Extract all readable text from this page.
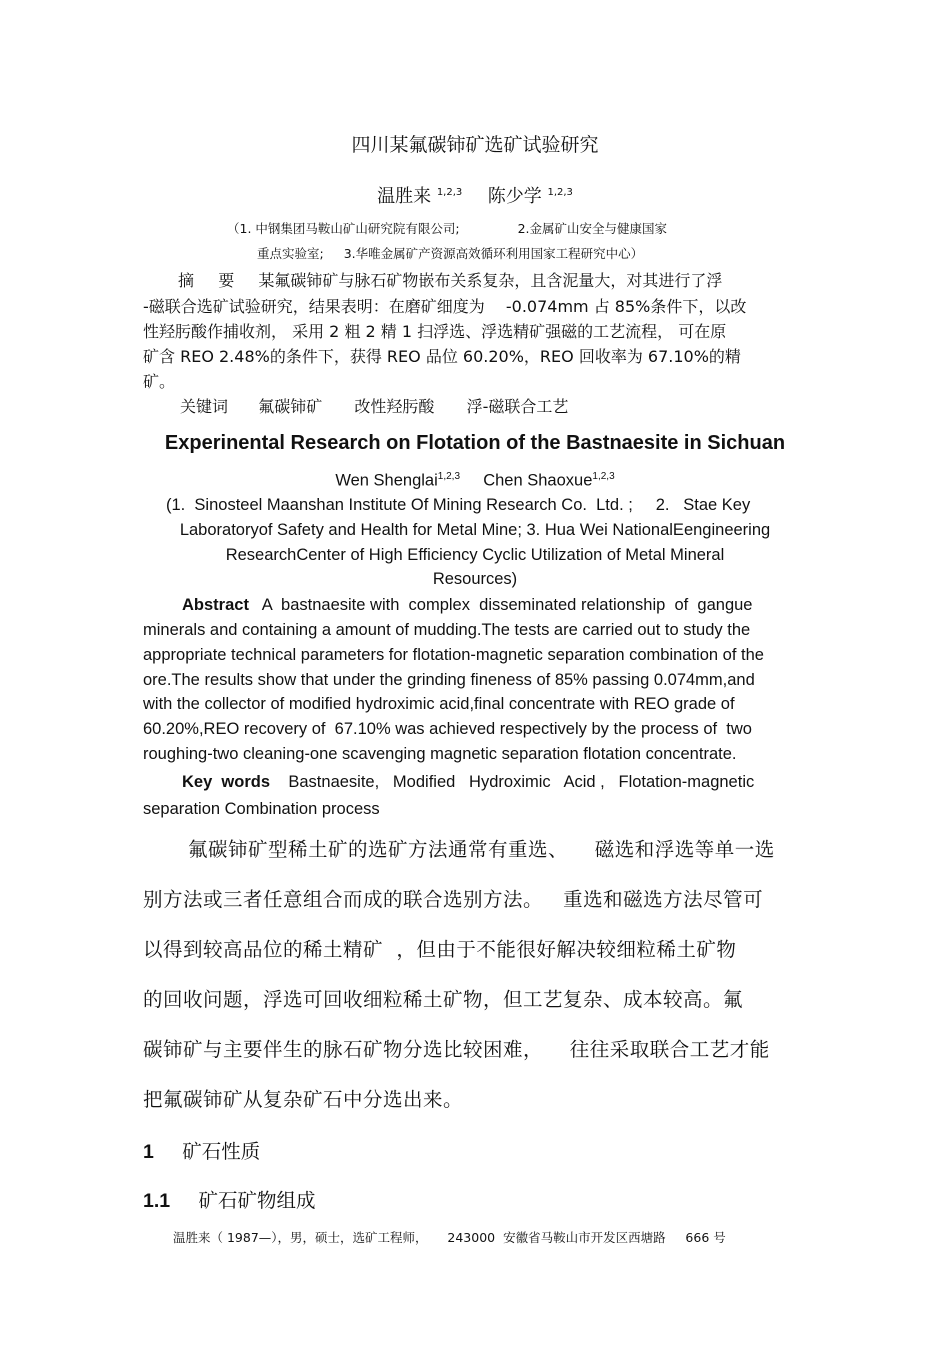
四川某氟碳铈矿选矿试验研究
温胜来 $^{1,2,3}$ 陈少学 $^{1,2,3}$
（1. 中钢集团马鞍山矿山研究院有限公司;	2.金属矿山安全与健康国家
重点实验室; 3.华唯金属矿产资源高效循环利用国家工程研究中心）
摘 要 某氟碳铈矿与脉石矿物嵌布关系复杂，且含泥量大，对其进行了浮
-磁联合选矿试验研究，结果表明：在磨矿细度为　 -0.074mm 占 85%条件下，以改
性羟肟酸作捕收剂， 采用 2 粗 2 精 1 扫浮选、浮选精矿强磁的工艺流程， 可在原
矿含 REO 2.48%的条件下，获得 REO 品位 60.20%，REO 回收率为 67.10%的精
矿。
关键词 氟碳铈矿 改性羟肟酸 浮-磁联合工艺
Experinental Research on Flotation of the Bastnaesite in Sichuan
Wen Shenglai$^{1,2,3}$ Chen Shaoxue$^{1,2,3}$
(1.  Sinosteel Maanshan Institute Of Mining Research Co.  Ltd. ;     2.   Stae Key
Laboratoryof Safety and Health for Metal Mine; 3. Hua Wei NationalEengineering
ResearchCenter of High Efficiency Cyclic Utilization of Metal Mineral
Resources)
Abstract A  bastnaesite with  complex  disseminated relationship  of  gangue
minerals and containing a amount of mudding.The tests are carried out to study the
appropriate technical parameters for flotation-magnetic separation combination of the
ore.The results show that under the grinding fineness of 85% passing 0.074mm,and
with the collector of modified hydroximic acid,final concentrate with REO grade of
60.20%,REO recovery of  67.10% was achieved respectively by the process of  two
roughing-two cleaning-one scavenging magnetic separation flotation concentrate.
Key  words Bastnaesite,   Modified   Hydroximic   Acid ,   Flotation-magnetic
separation Combination process
氟碳铈矿型稀土矿的选矿方法通常有重选、    磁选和浮选等单一选
别方法或三者任意组合而成的联合选别方法。   重选和磁选方法尽管可
以得到较高品位的稀土精矿  ，但由于不能很好解决较细粒稀土矿物
的回收问题，浮选可回收细粒稀土矿物，但工艺复杂、成本较高。氟
碳铈矿与主要伴生的脉石矿物分选比较困难，    往往采取联合工艺才能
把氟碳铈矿从复杂矿石中分选出来。
1 矿石性质
1.1 矿石矿物组成
温胜来（ 1987—），男，硕士，选矿工程师，     243000  安徽省马鞍山市开发区西塘路     666 号
